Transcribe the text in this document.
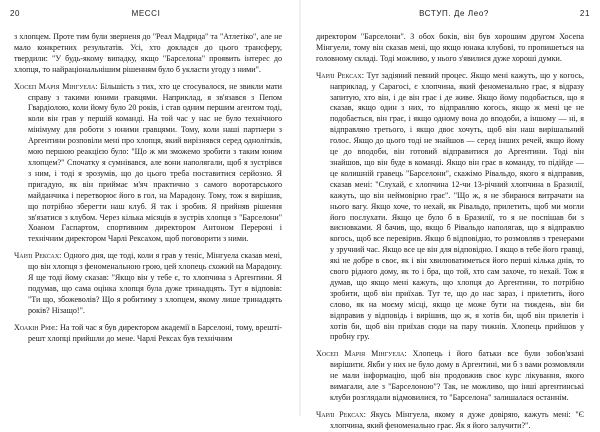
20	МЕССІ

з хлопцем. Проте тим були зверненя до "Реал Мадрида" та "Атлетіко", але не мало конкретних результатів. Усі, хто докладся до цього трансферу, твердили: "У будь-якому випадку, якщо "Барселона" проявить інтерес до хлопця, то найраціональнішим рішенням було б укласти угоду з ними".

Хосеп Марія Мінгуела: Більшість з тих, хто це стосувалося, не звикли мати справу з такими юними гравцями. Наприклад, я зв'язався з Пепом Гвардіолою, коли йому було 20 років, і став одним першим агентом тоді, коли він грав у першій команді. На той час у нас не було технічного мінімуму для роботи з юними гравцями. Тому, коли наші партнери з Аргентини розповіли мені про хлопця, який вирізнявся серед однолітків, мою першою реакцією було: "Що ж ми зможемо зробити з таким юним хлопцем?" Спочатку я сумнівався, але вони наполягали, щоб я зустрівся з ним, і тоді я зрозумів, що до цього треба поставитися серйозно. Я пригадую, як він приймає м'яч практично з самого воротарського майданчика і перетворює його в гол, на Марадону. Тому, тож я вирішив, що потрібно зберегти наш клуб. Я так і зробив. Я прийняв рішення зв'язатися з клубом. Через кілька місяців я зустрів хлопця з "Барселони" Хоаном Гаспартом, спортивним директором Антоном Перероні і технічним директором Чарлі Рексахом, щоб поговорити з ними.

Чарлі Рексах: Одного дня, ще тоді, коли я грав у теніс, Мінгуела сказав мені, що він хлопця з феноменальною грою, цей хлопець схожий на Марадону. Я ще тоді йому сказав: "Якщо він у тебе є, то хлопчина з Аргентини. Я подумав, що сама оцінка хлопця була дуже тринадцять. Тут я відповів: "Ти що, збожеволів? Що я робитиму з хлопцем, якому лише тринадцять років? Нізащо!".

Хоакін Ріфе: На той час я був директором академії в Барселоні, тому, врешті-решт хлопці прийшли до мене. Чарлі Рексах був технічним

ВСТУП. Де Лео?	21

директором "Барселони". З обох боків, він був хорошим другом Хосепа Мінгуели, тому він сказав мені, що якщо юнака клубові, то пропишеться на головному складі. Тоді можливо, у нього з'явилися дуже хороші думки.

Чарлі Рексах: Тут задіяний певний процес. Якщо мені кажуть, що у когось, наприклад, у Сарагосі, є хлопчина, який феноменально грає, я відразу запитую, хто він, і де він грає і де живе. Якщо йому подобається, що я сказав, якщо один з них, то відправляю когось, якщо ж мені це не подобається, він грає, і якщо одному вона до вподоби, а іншому — ні, я відправляю третього, і якщо двоє хочуть, щоб він наш вирішальний голос. Якщо до цього тоді не знайшов — серед інших речей, якщо йому це до вподоби, він готовий відправитися до Аргентини. Тоді він знайшов, що він буде в команді. Якщо він грає в команду, то підійде — це колишній гравець "Барселони", скажімо Рівальдо, якого я відправив, сказав мені: "Слухай, є хлопчина 12-чи 13-річний хлопчина в Бразилії, кажуть, що він неймовірно грає". "Що ж, я не збираюся витрачати на нього вагу. Якщо хоче, то нехай, як Рівальдо, прилетить, щоб ми могли його послухати. Якщо це було б в Бразилії, то я не поспішав би з висновками. Я бачив, що, якщо б Рівальдо наполягав, що я відправлю когось, щоб все перевірив. Якщо б відповідно, то розмовляв з тренерами у зручний час. Якщо все це він для відповідно. І якщо в тебе його гравці, які не добре в своє, як і він хвилюватиметься його перші кілька днів, то свого рідного дому, як то і бра, що той, хто сам захоче, то нехай. Тож я думав, що якщо мені кажуть, що хлопця до Аргентини, то потрібно зробити, щоб він приїхав. Тут те, що до нас зараз, і прилетить, його слово, як на моєму місці, якщо це може бути на тиждень, він би відправив у відповідь і вирішив, що ж, я хотів би, щоб він прилетів і хотів би, щоб він приїхав сюди на пару тижнів. Хлопець прийшов у пробну гру.

Хосеп Марія Мінгуела: Хлопець і його батьки все були зобов'язані вирішити. Якби у них не було дому в Аргентині, ми б з вами розмовляли не мали інформацію, щоб він продовжив своє курс лікування, якого вимагали, але з "Барселоною"? Так, не можливо, що інші аргентинські клуби розглядали відмовилися, то "Барселона" залишалася останнім.

Чарлі Рексах: Якусь Мінгуела, якому я дуже довіряю, кажуть мені: "Є хлопчина, який феноменально грає. Як я його залучити?".
